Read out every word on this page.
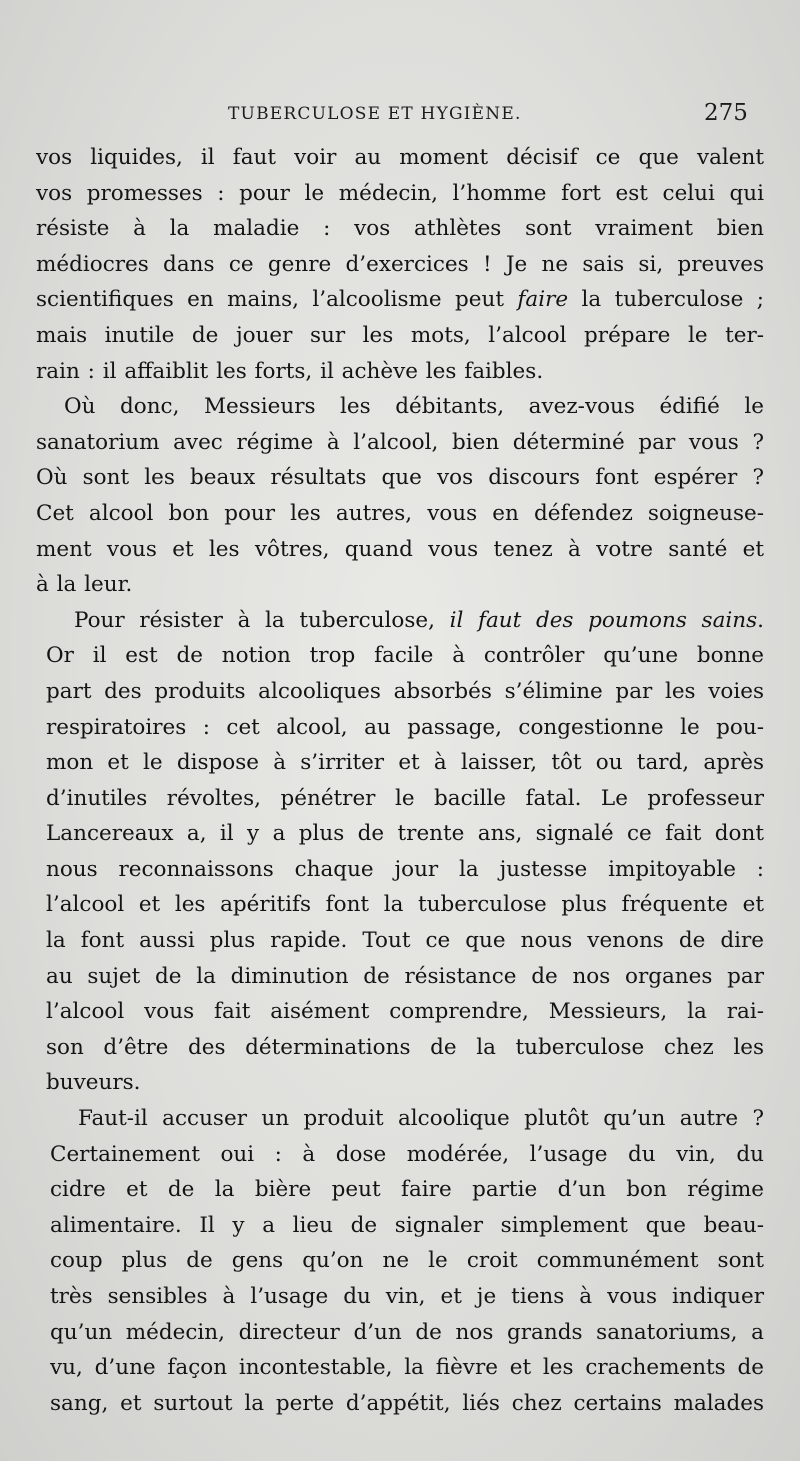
TUBERCULOSE ET HYGIÈNE.	275
vos liquides, il faut voir au moment décisif ce que valent
vos promesses : pour le médecin, l’homme fort est celui qui
résiste à la maladie : vos athlètes sont vraiment bien
médiocres dans ce genre d’exercices ! Je ne sais si, preuves
scientifiques en mains, l’alcoolisme peut faire la tuberculose ;
mais inutile de jouer sur les mots, l’alcool prépare le ter-
rain : il affaiblit les forts, il achève les faibles.
Où donc, Messieurs les débitants, avez-vous édifié le
sanatorium avec régime à l’alcool, bien déterminé par vous ?
Où sont les beaux résultats que vos discours font espérer ?
Cet alcool bon pour les autres, vous en défendez soigneuse-
ment vous et les vôtres, quand vous tenez à votre santé et
à la leur.
Pour résister à la tuberculose, il faut des poumons sains.
Or il est de notion trop facile à contrôler qu’une bonne
part des produits alcooliques absorbés s’élimine par les voies
respiratoires : cet alcool, au passage, congestionne le pou-
mon et le dispose à s’irriter et à laisser, tôt ou tard, après
d’inutiles révoltes, pénétrer le bacille fatal. Le professeur
Lancereaux a, il y a plus de trente ans, signalé ce fait dont
nous reconnaissons chaque jour la justesse impitoyable :
l’alcool et les apéritifs font la tuberculose plus fréquente et
la font aussi plus rapide. Tout ce que nous venons de dire
au sujet de la diminution de résistance de nos organes par
l’alcool vous fait aisément comprendre, Messieurs, la rai-
son d’être des déterminations de la tuberculose chez les
buveurs.
Faut-il accuser un produit alcoolique plutôt qu’un autre ?
Certainement oui : à dose modérée, l’usage du vin, du
cidre et de la bière peut faire partie d’un bon régime
alimentaire. Il y a lieu de signaler simplement que beau-
coup plus de gens qu’on ne le croit communément sont
très sensibles à l’usage du vin, et je tiens à vous indiquer
qu’un médecin, directeur d’un de nos grands sanatoriums, a
vu, d’une façon incontestable, la fièvre et les crachements de
sang, et surtout la perte d’appétit, liés chez certains malades
